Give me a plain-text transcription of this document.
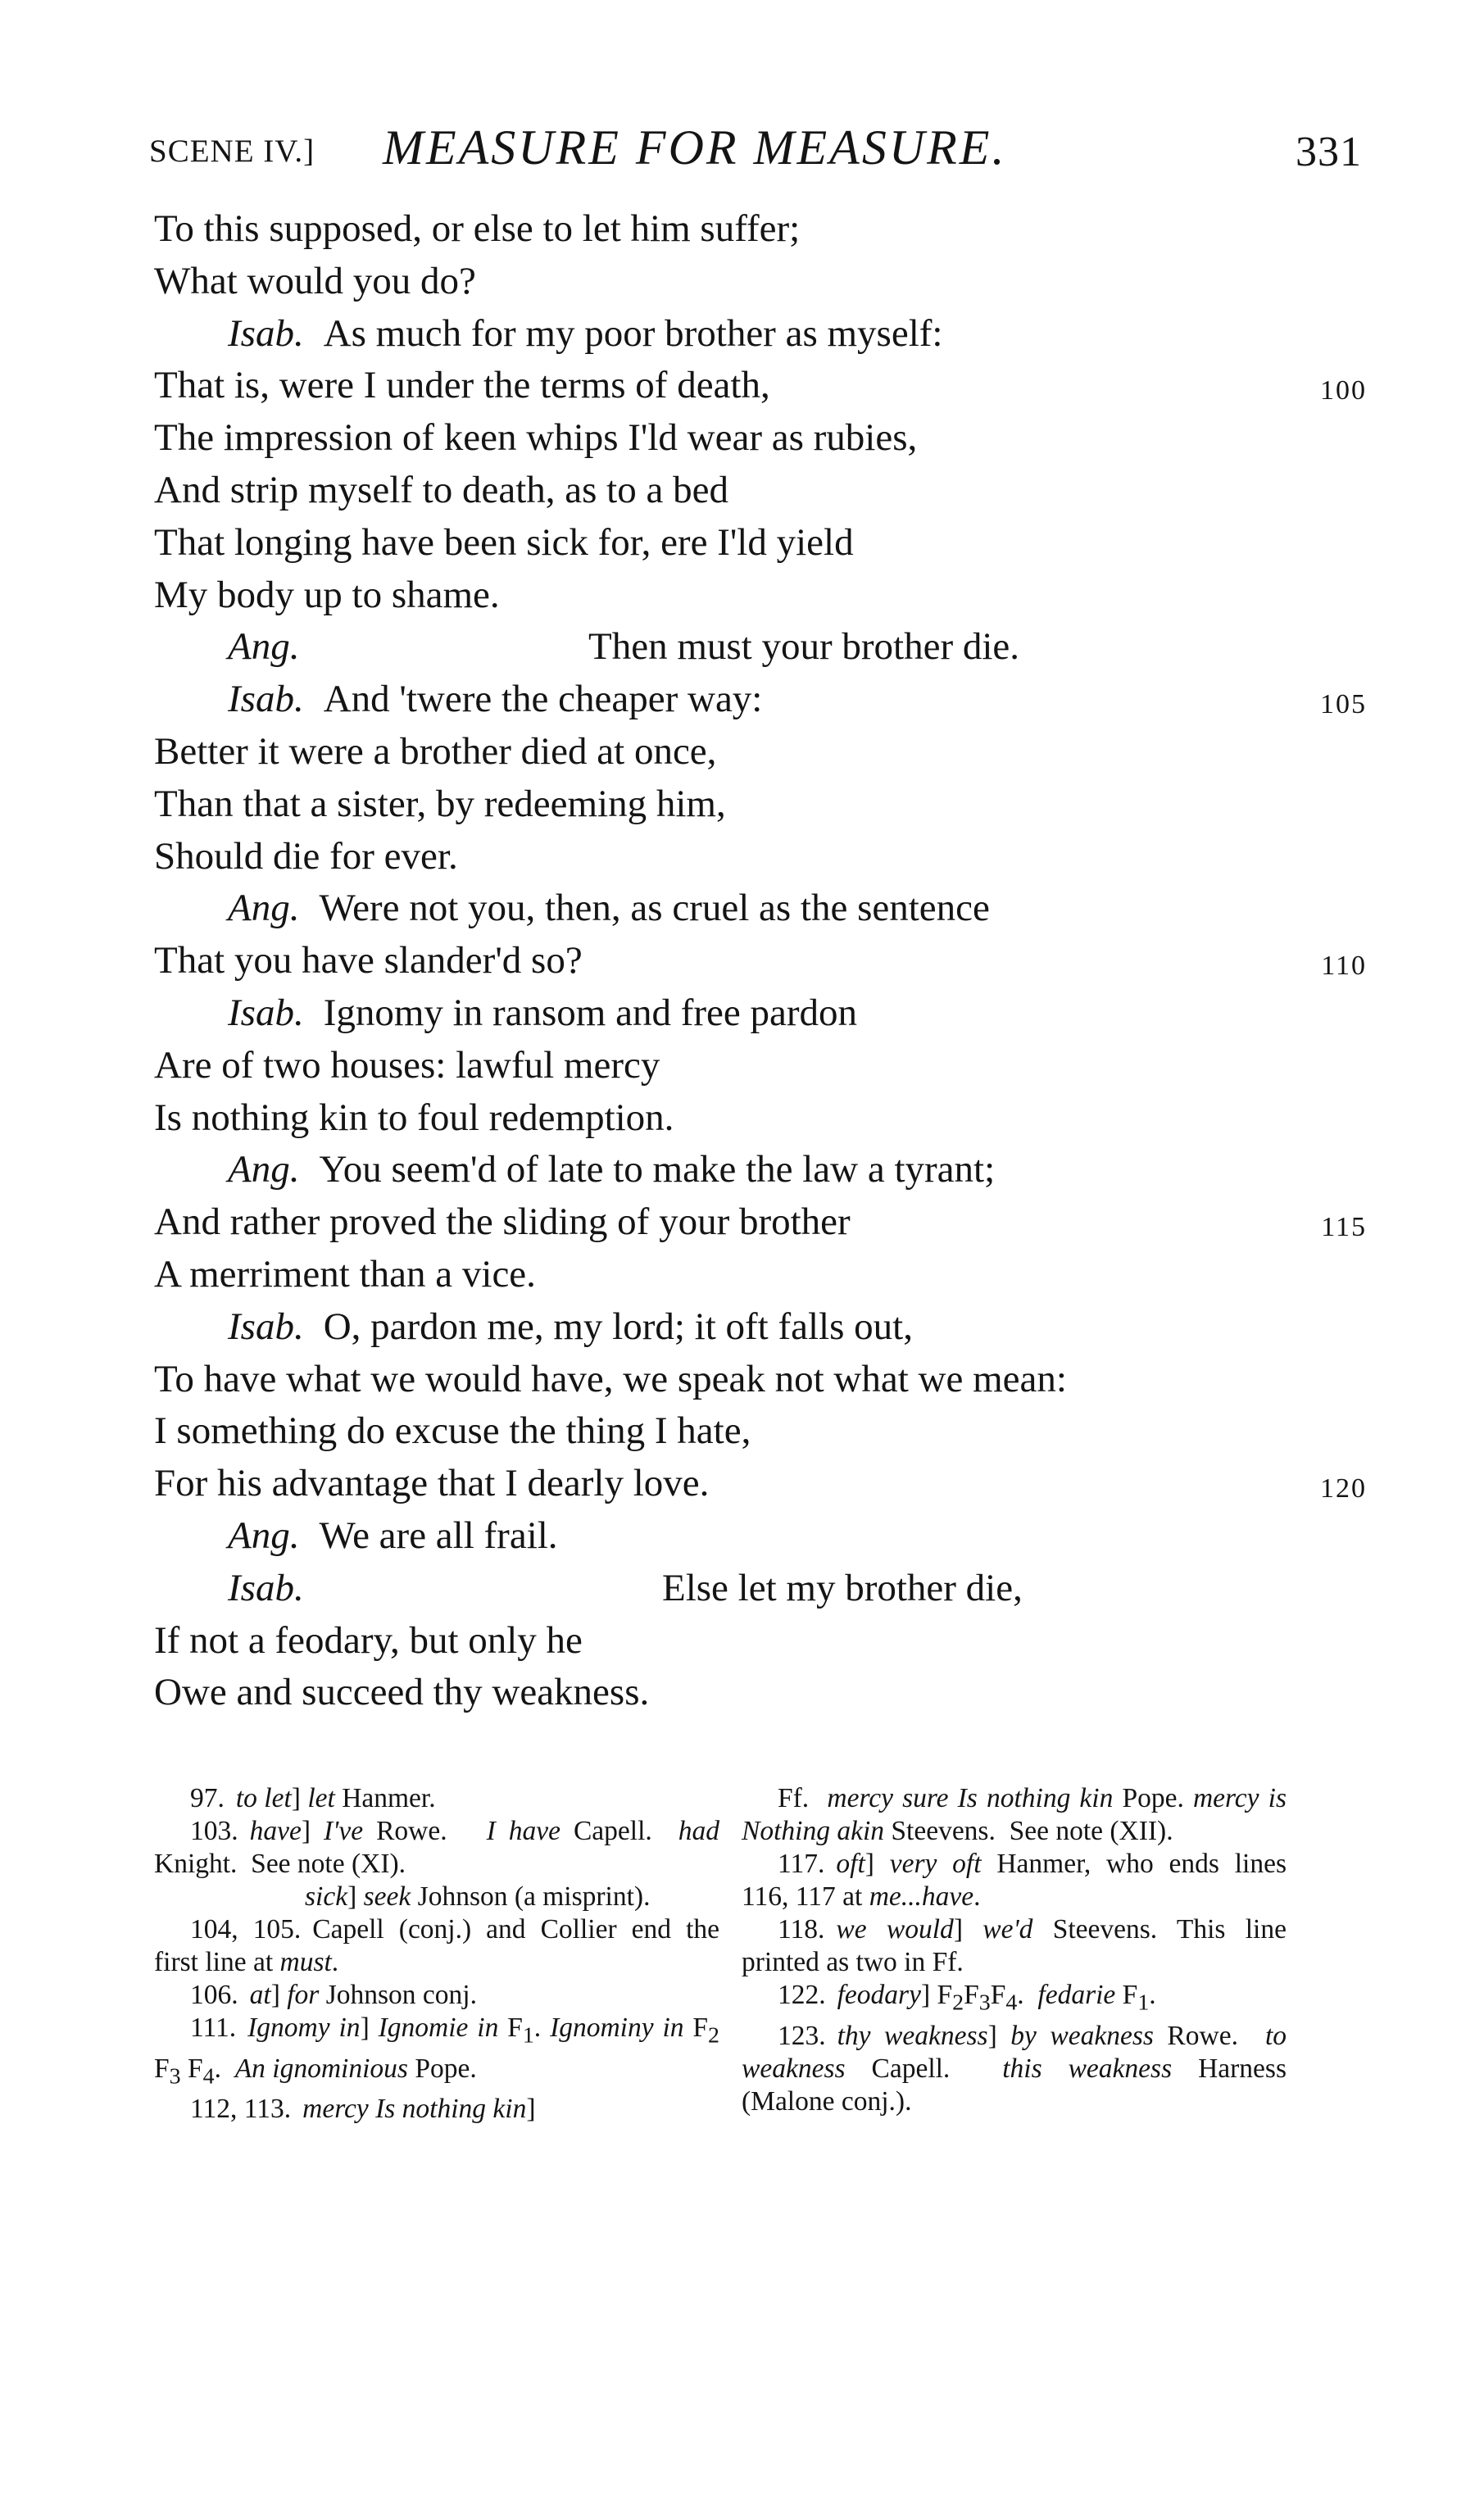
SCENE IV.] MEASURE FOR MEASURE.	331
To this supposed, or else to let him suffer;
What would you do?
Isab. As much for my poor brother as myself:
That is, were I under the terms of death,	100
The impression of keen whips I'ld wear as rubies,
And strip myself to death, as to a bed
That longing have been sick for, ere I'ld yield
My body up to shame.
Ang.	Then must your brother die.
Isab. And 'twere the cheaper way:	105
Better it were a brother died at once,
Than that a sister, by redeeming him,
Should die for ever.
Ang. Were not you, then, as cruel as the sentence
That you have slander'd so?	110
Isab. Ignomy in ransom and free pardon
Are of two houses: lawful mercy
Is nothing kin to foul redemption.
Ang. You seem'd of late to make the law a tyrant;
And rather proved the sliding of your brother	115
A merriment than a vice.
Isab. O, pardon me, my lord; it oft falls out,
To have what we would have, we speak not what we mean:
I something do excuse the thing I hate,
For his advantage that I dearly love.	120
Ang. We are all frail.
Isab.	Else let my brother die,
If not a feodary, but only he
Owe and succeed thy weakness.

97. to let] let Hanmer.

103. have] I've Rowe.   I have Capell.  had Knight.  See note (XI).

sick] seek Johnson (a misprint).

104, 105. Capell (conj.) and Collier end the first line at must.

106. at] for Johnson conj.

111. Ignomy in] Ignomie in $F_1$. Ignominy in $F_2$ $F_3$ $F_4$.  An ignominious Pope.

112, 113. mercy Is nothing kin]

Ff.  mercy sure Is nothing kin Pope. mercy is Nothing akin Steevens.  See note (XII).

117. oft] very oft Hanmer, who ends lines 116, 117 at me...have.

118. we would] we'd Steevens. This line printed as two in Ff.

122. feodary] $F_2F_3F_4$.  fedarie $F_1$.

123. thy weakness] by weakness Rowe.  to weakness Capell.  this weakness Harness (Malone conj.).
